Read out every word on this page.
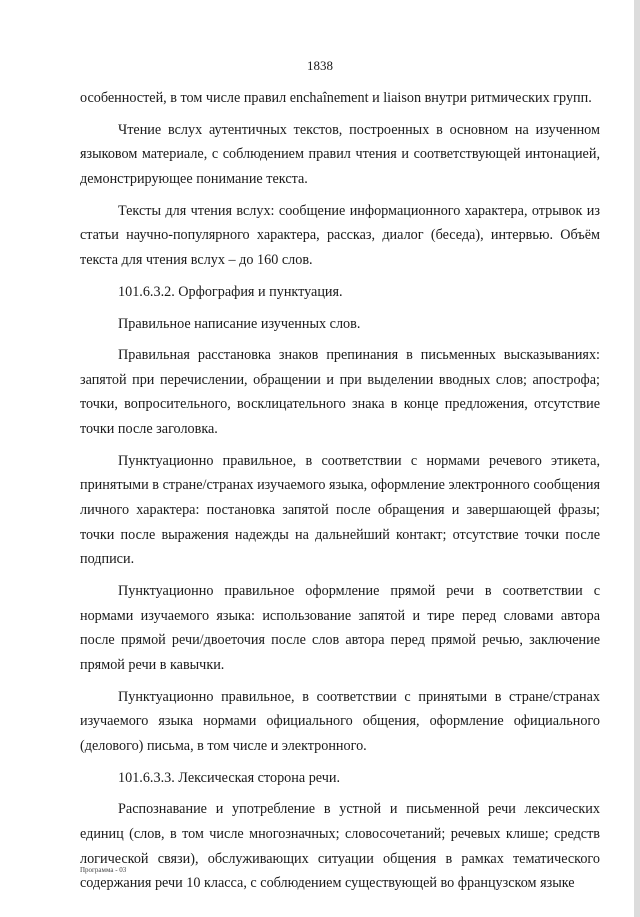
1838

особенностей, в том числе правил enchaînement и liaison внутри ритмических групп.

Чтение вслух аутентичных текстов, построенных в основном на изученном языковом материале, с соблюдением правил чтения и соответствующей интонацией, демонстрирующее понимание текста.

Тексты для чтения вслух: сообщение информационного характера, отрывок из статьи научно-популярного характера, рассказ, диалог (беседа), интервью. Объём текста для чтения вслух – до 160 слов.

101.6.3.2. Орфография и пунктуация.

Правильное написание изученных слов.

Правильная расстановка знаков препинания в письменных высказываниях: запятой при перечислении, обращении и при выделении вводных слов; апострофа; точки, вопросительного, восклицательного знака в конце предложения, отсутствие точки после заголовка.

Пунктуационно правильное, в соответствии с нормами речевого этикета, принятыми в стране/странах изучаемого языка, оформление электронного сообщения личного характера: постановка запятой после обращения и завершающей фразы; точки после выражения надежды на дальнейший контакт; отсутствие точки после подписи.

Пунктуационно правильное оформление прямой речи в соответствии с нормами изучаемого языка: использование запятой и тире перед словами автора после прямой речи/двоеточия после слов автора перед прямой речью, заключение прямой речи в кавычки.

Пунктуационно правильное, в соответствии с принятыми в стране/странах изучаемого языка нормами официального общения, оформление официального (делового) письма, в том числе и электронного.

101.6.3.3. Лексическая сторона речи.

Распознавание и употребление в устной и письменной речи лексических единиц (слов, в том числе многозначных; словосочетаний; речевых клише; средств логической связи), обслуживающих ситуации общения в рамках тематического содержания речи 10 класса, с соблюдением существующей во французском языке

Программа - 03
